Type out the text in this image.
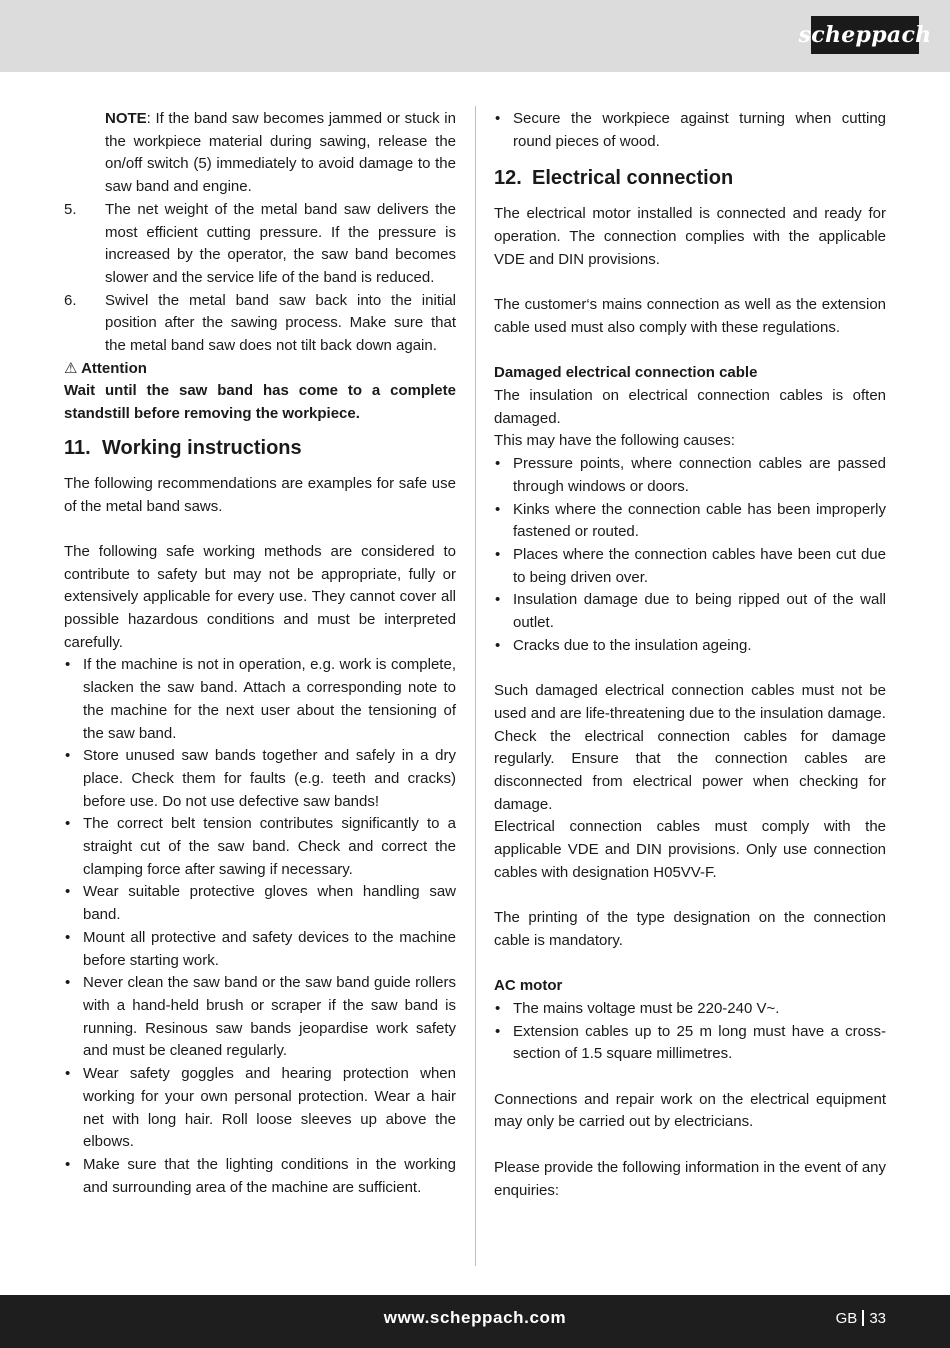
scheppach

NOTE: If the band saw becomes jammed or stuck in the workpiece material during sawing, release the on/off switch (5) immediately to avoid damage to the saw band and engine.

5. The net weight of the metal band saw delivers the most efficient cutting pressure. If the pressure is increased by the operator, the saw band becomes slower and the service life of the band is reduced.
6. Swivel the metal band saw back into the initial position after the sawing process. Make sure that the metal band saw does not tilt back down again.

⚠ Attention

Wait until the saw band has come to a complete standstill before removing the workpiece.

11. Working instructions

The following recommendations are examples for safe use of the metal band saws.

The following safe working methods are considered to contribute to safety but may not be appropriate, fully or extensively applicable for every use. They cannot cover all possible hazardous conditions and must be interpreted carefully.

• If the machine is not in operation, e.g. work is complete, slacken the saw band. Attach a corresponding note to the machine for the next user about the tensioning of the saw band.
• Store unused saw bands together and safely in a dry place. Check them for faults (e.g. teeth and cracks) before use. Do not use defective saw bands!
• The correct belt tension contributes significantly to a straight cut of the saw band. Check and correct the clamping force after sawing if necessary.
• Wear suitable protective gloves when handling saw band.
• Mount all protective and safety devices to the machine before starting work.
• Never clean the saw band or the saw band guide rollers with a hand-held brush or scraper if the saw band is running. Resinous saw bands jeopardise work safety and must be cleaned regularly.
• Wear safety goggles and hearing protection when working for your own personal protection. Wear a hair net with long hair. Roll loose sleeves up above the elbows.
• Make sure that the lighting conditions in the working and surrounding area of the machine are sufficient.
• Secure the workpiece against turning when cutting round pieces of wood.
12. Electrical connection

The electrical motor installed is connected and ready for operation. The connection complies with the applicable VDE and DIN provisions.

The customer‘s mains connection as well as the extension cable used must also comply with these regulations.

Damaged electrical connection cable

The insulation on electrical connection cables is often damaged.

This may have the following causes:

• Pressure points, where connection cables are passed through windows or doors.
• Kinks where the connection cable has been improperly fastened or routed.
• Places where the connection cables have been cut due to being driven over.
• Insulation damage due to being ripped out of the wall outlet.
• Cracks due to the insulation ageing.

Such damaged electrical connection cables must not be used and are life-threatening due to the insulation damage.

Check the electrical connection cables for damage regularly. Ensure that the connection cables are disconnected from electrical power when checking for damage.

Electrical connection cables must comply with the applicable VDE and DIN provisions. Only use connection cables with designation H05VV-F.

The printing of the type designation on the connection cable is mandatory.

AC motor

• The mains voltage must be 220-240 V~.
• Extension cables up to 25 m long must have a cross-section of 1.5 square millimetres.

Connections and repair work on the electrical equipment may only be carried out by electricians.

Please provide the following information in the event of any enquiries:

www.scheppach.com	GB 33
